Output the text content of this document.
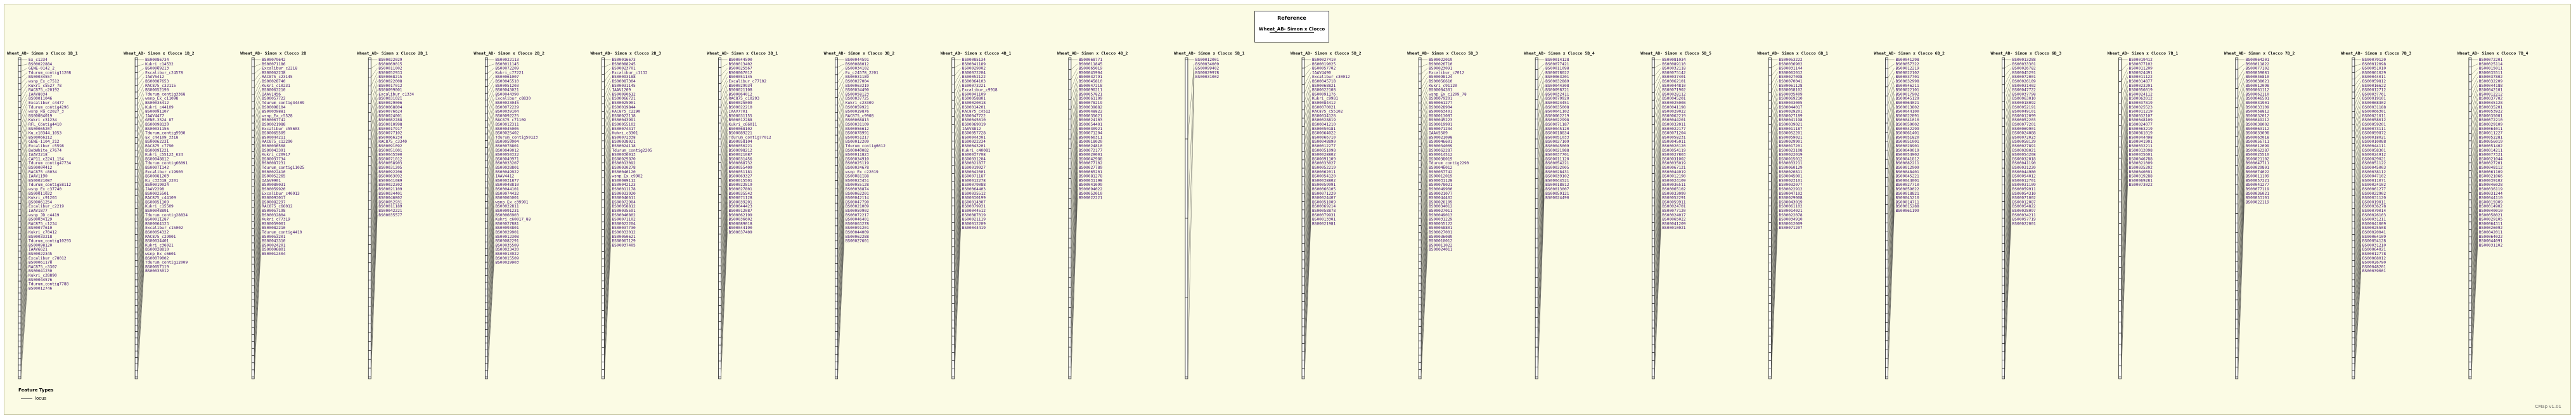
Wheat_AB- Simon x Clocco 1B_1
Ex_c1234
BS00022884
GENE-0142_2
Tdurum_contig11208
BS00034557
wsnp_Ex_c7512
Kukri_c5527_78
RAC875_c20192
IAAV8034
BS00011046
Excalibur_c4477
Tdurum_contig4296
wsnp_Ra_c2027_3
BS00084019
Kukri_c31234
RFL_Contig4410
BS00065207
Ku_c10344_1053
BS00066212
GENE-1104_212
Excalibur_c5598
BobWhite_c7674
IAAV3218
CAP11_c2241_154
Tdurum_contig47734
BS00004412
RAC875_c8034
IAAV1190
BS00021087
Tdurum_contig58112
wsnp_Ex_c37740
BS00011022
Kukri_c91203
BS00061254
Excalibur_c2219
IAAV1877
wsnp_JD_c4419
BS00034129
RAC875_c1234
BS00077610
Kukri_c70412
BS00033218
Tdurum_contig10293
BS00098120
IAAV6621
BS00022345
Excalibur_c78012
BS00061178
RAC875_c3307
BS00041230
Kukri_c28890
BS00044576
Tdurum_contig7788
BS00012746
Wheat_AB- Simon x Clocco 1B_2
BS00086734
Kukri_c14532
BS00069213
Excalibur_c24578
IAAV5412
BS00087653
RAC875_c32115
BS00052190
Tdurum_contig3368
wsnp_Ex_c11098
BS00035412
Kukri_c44109
BS00091107
IAAV4477
GENE-3324_87
BS00098120
BS00031156
Tdurum_contig9930
Ex_c44109_3318
BS00062231
RAC875_c7790
BS00091221
Kukri_c55123_624
BS00048812
Tdurum_contig66091
BS00071142
Excalibur_c19903
BS00081203
Ku_c33318_2201
BS00019024
IAAV2298
BS00025501
RAC875_c44109
BS00051109
Kukri_c15509
BS00048891
Tdurum_contig28834
BS00011287
BS00064123
Excalibur_c15002
BS00054322
RAC875_c29901
BS00034401
Kukri_c36021
BS00028810
wsnp_Ex_c6601
BS00079002
Tdurum_contig12009
BS00057119
BS00033012
Wheat_AB- Simon x Clocco 2B
BS00079642
BS00071186
Excalibur_c2218
BS00062238
RAC875_c23145
BS00028740
Kukri_c10231
BS00063210
IAAV1456
BS00057722
Tdurum_contig34409
BS00098104
BS00039881
wsnp_Ex_c5528
BS00067742
BS00021988
Excalibur_c55603
BS00065509
BS00044211
RAC875_c12290
BS00036508
BS00043391
Kukri_c20917
BS00037734
BS00087231
Tdurum_contig11025
BS00022410
BS00052265
IAAV9901
BS00080031
BS00059920
Excalibur_c40913
BS00093017
BS00082297
RAC875_c66012
BS00057198
BS00032804
Kukri_c77319
BS00059001
BS00082210
Tdurum_contig4410
BS00053201
BS00043310
BS00024201
BS00096801
BS00012404
Wheat_AB- Simon x Clocco 2B_1
BS00022029
BS00069015
BS00011002
BS00052933
BS00068215
BS00022008
BS00017012
BS00099001
Excalibur_c1334
BS00031021
BS00029006
BS00068804
BS00076624
BS00024001
BS00082288
BS00010998
BS00017917
BS00077102
BS00066234
RAC875_c3340
BS00091092
BS00051001
BS00045590
BS00071012
BS00058903
BS00031205
BS00092206
BS00063092
BS00041089
BS00022302
BS00021109
BS00034401
BS00046802
BS00052931
BS00011189
BS00042221
BS00035577
Wheat_AB- Simon x Clocco 2B_2
BS00022113
BS00011145
BS00072209
Kukri_c77221
BS00061007
BS00045510
BS00051203
BS00043021
BS00044390
Excalibur_c8830
BS00023045
BS00072229
BS00039104
BS00092225
RAC875_c71109
BS00012311
BS00045005
BS00025402
Tdurum_contig50123
BS00059904
BS00078801
BS00049012
BS00050322
BS00049971
BS00033207
BS00028801
BS00049922
IAAV4412
BS00031877
BS00048810
BS00044101
BS00074432
BS00065001
wsnp_Ex_c39901
BS00022811
BS00091231
BS00066903
Kukri_c60017_88
BS00027881
BS00093801
BS00029901
BS00012308
BS00082291
BS00035509
BS00023420
BS00013922
BS00015509
BS00029903
Wheat_AB- Simon x Clocco 2B_3
BS00016673
BS00088245
BS00023701
Excalibur_c1133
BS00093188
BS00087304
BS00031145
IAAV1209
BS00090612
BS00066721
BS00025901
BS00019844
RAC875_c2290
BS00022118
BS00043991
BS00055102
BS00074417
Kukri_c3301
BS00072338
BS00038021
BS00024118
Tdurum_contig2205
BS00036013
BS00029870
BS00013092
BS00030278
BS00046120
wsnp_Ex_c9902
BS00089112
BS00042123
BS00011178
BS00033920
BS00046611
BS00072904
BS00058812
BS00035591
BS00040802
BS00071102
BS00022204
BS00037730
BS00033012
BS00050621
BS00067129
BS00037405
Wheat_AB- Simon x Clocco 3B_1
BS00044590
BS00013402
BS00025567
BS00067012
BS00051145
Excalibur_c77102
BS00029934
BS00021108
BS00064012
RAC875_c10293
BS00025009
BS00022210
IAAV7701
BS00031155
BS00012288
Kukri_c66011
BS00068102
BS00089221
Tdurum_contig77012
BS00058104
BS00050221
BS00098212
BS00021087
BS00031456
BS00068732
BS00055409
BS00051181
BS00063327
BS00015501
BS00022819
BS00027801
BS00035542
BS00071128
BS00039201
BS00044423
BS00012087
BS00062199
BS00036602
BS00089018
BS00044190
BS00037409
Wheat_AB- Simon x Clocco 3B_2
BS00044591
BS00088012
BS00034102
Ex_c24578_2201
BS00031189
BS00027004
BS00063219
BS00034490
BS00058123
BS00037725
Kukri_c23309
BS00059921
BS00029876
RAC875_c9908
BS00068813
BS00031109
BS00056612
BS00078991
BS00051217
BS00012209
Tdurum_contig6612
BS00040082
BS00011823
BS00034910
BS00025119
BS00024678
wsnp_Ex_c22019
BS00081188
BS00023451
BS00055128
BS00038874
BS00062201
BS00042114
BS00047790
BS00021009
BS00059902
BS00072217
BS00046401
BS00063278
BS00091201
BS00044009
BS00062288
BS00027601
Wheat_AB- Simon x Clocco 4B_1
BS00085134
BS00041189
BS00029002
BS00072204
BS00052122
BS00064103
BS00073221
Excalibur_c9918
BS00041109
BS00058801
BS00020018
BS00014201
RAC875_c4512
BS00047722
BS00045610
BS00069019
IAAV8812
BS00057728
BS00044301
BS00022234
BS00043201
Kukri_c40081
BS00037708
BS00031204
BS00021877
BS00019927
BS00042001
BS00071187
BS00012278
BS00079088
BS00064403
BS00035512
BS00030199
BS00014307
BS00079931
BS00044512
BS00087019
BS00021119
BS00012209
BS00044419
Wheat_AB- Simon x Clocco 4B_2
BS00068771
BS00011845
BS00065019
BS00045904
BS00032791
BS00045810
BS00047218
BS00090211
BS00057821
BS00061109
BS00078219
BS00039882
BS00048822
BS00035621
BS00024103
BS00054401
BS00030921
BS00071204
BS00066311
BS00018020
BS00024810
BS00072177
BS00029001
BS00042988
BS00077102
BS00027789
BS00065201
BS00081278
BS00031198
BS00041099
BS00094022
BS00052010
BS00022221
Wheat_AB- Simon x Clocco 5B_1
BS00012001
BS00034009
BS00099402
BS00029978
BS00031002
Wheat_AB- Simon x Clocco 5B_2
BS00027410
BS00019025
BS00057702
IAAV4490
Excalibur_c30012
BS00045718
BS00068821
BS00022108
BS00091176
Kukri_c9981
BS00084412
BS00070021
RAC875_c55102
BS00034128
BS00028819
BS00041210
BS00050181
BS00064022
BS00066710
BS00048890
BS00012277
BS00051098
BS00028802
BS00091109
BS00033027
BS00052219
BS00062011
BS00054120
BS00038802
BS00059991
BS00066105
BS00071229
BS00024407
BS00051009
BS00069214
BS00058878
BS00079931
BS00013301
BS00021981
Wheat_AB- Simon x Clocco 5B_3
BS00022019
BS00026710
BS00023091
Excalibur_c7012
BS00098124
BS00056610
Kukri_c91120
BS00084301
wsnp_Ex_c1209_78
BS00079201
BS00061277
BS00028904
BS00063401
BS00013087
BS00045223
BS00019991
BS00071234
IAAV5509
BS00021098
BS00046601
BS00034009
BS00062287
BS00014512
BS00038019
Tdurum_contig2290
BS00046012
BS00057742
BS00012019
BS00031128
BS00078021
BS00049900
BS00021077
BS00044403
BS00026109
BS00034012
BS00027011
BS00049013
BS00031229
BS00055122
BS00058801
BS00027001
BS00036089
BS00010012
BS00011022
BS00024011
Wheat_AB- Simon x Clocco 5B_4
BS00014128
BS00077421
BS00011098
BS00078022
BS00063201
BS00032889
BS00044308
BS00098721
BS00032411
BS00079920
BS00024451
BS00035008
BS00041102
BS00062219
BS00022998
BS00071187
BS00045120
BS00018834
BS00051033
BS00027109
BS00045009
BS00021988
BS00037701
BS00011120
BS00054221
BS00032005
BS00028431
BS00039102
BS00044521
BS00018812
BS00013007
BS00059121
BS00024490
Wheat_AB- Simon x Clocco 5B_5
BS00081034
BS00089110
BS00032118
BS00075142
BS00037401
BS00062101
BS00044810
BS00071902
BS00028112
BS00045201
BS00025008
BS00041198
BS00029022
BS00062219
BS00044201
BS00032011
BS00022177
BS00071204
BS00058231
BS00045011
BS00026120
BS00054119
BS00027803
BS00031002
BS00035019
BS00067121
BS00044019
BS00012190
BS00024109
BS00036511
BS00065102
BS00033099
BS00052291
BS00059911
BS00024701
BS00077120
BS00024017
BS00065022
BS00041209
BS00010021
Wheat_AB- Simon x Clocco 6B_1
BS00053222
BS00036902
BS00031144
BS00063012
BS00027098
BS00070041
BS00061128
BS00058102
BS00035409
BS00069210
BS00033005
BS00044017
BS00029201
BS00027189
BS00041198
BS00039021
BS00011187
BS00052201
BS00059021
BS00029901
BS00017201
BS00023108
BS00022019
BS00015012
BS00033211
BS00060129
BS00020811
BS00045001
BS00023101
BS00032077
BS00022912
BS00047102
BS00029008
BS00043019
BS00061102
BS00014021
BS00022078
BS00034910
BS00012009
BS00071207
Wheat_AB- Simon x Clocco 6B_2
BS00041298
BS00057322
BS00012219
BS00022102
BS00037701
BS00032998
BS00046211
BS00022101
BS00017902
BS00045129
BS00064021
BS00013802
BS00044100
BS00022891
BS00041010
BS00059002
BS00042299
BS00061401
BS00051820
BS00051001
BS00028901
BS00040019
BS00054902
BS00041812
BS00082211
BS00012909
BS00048401
BS00045221
BS00044001
BS00027710
BS00059022
BS00018821
BS00045210
BS00014711
BS00015288
BS00061199
Wheat_AB- Simon x Clocco 6B_3
BS00013288
BS00033301
BS00026782
BS00045291
BS00072001
BS00026189
BS00031402
BS00047722
BS00037798
BS00063010
BS00018092
BS00052191
BS00049101
BS00012099
BS00052203
BS00077201
BS00069901
BS00024088
BS00072023
BS00058129
BS00027891
BS00028021
BS00054208
BS00032018
BS00041190
BS00031220
BS00044980
BS00054012
BS00012701
BS00031109
BS00059911
BS00054310
BS00071002
BS00012087
BS00054822
BS00028097
BS00034211
BS00057719
BS00022001
Wheat_AB- Simon x Clocco 7B_1
BS00019412
BS00077102
BS00011209
BS00024491
BS00011122
BS00014877
BS00023201
BS00056019
BS00024112
BS00062012
BS00037819
BS00025523
BS00011219
BS00032107
BS00048109
BS00024077
BS00063219
BS00061019
BS00044498
BS00041901
BS00032211
BS00012098
BS00035601
BS00046788
BS00021009
BS00035202
BS00040091
BS00019288
BS00069281
BS00073022
Wheat_AB- Simon x Clocco 7B_2
BS00064201
BS00011822
BS00077102
BS00059081
BS00046810
BS00038021
BS00012098
BS00061112
BS00062110
BS00046501
BS00031901
BS00033109
BS00058812
BS00032012
BS00049212
BS00038002
BS00063112
BS00033098
BS00063018
BS00056711
BS00012099
BS00062287
BS00025510
BS00021102
BS00047711
BS00029801
BS00074022
BS00011109
BS00057221
BS00041277
BS00077119
BS00036021
BS00053101
BS00022119
Wheat_AB- Simon x Clocco 7B_3
BS00079120
BS00012098
BS00051010
BS00061029
BS00044011
BS00059812
BS00016622
BS00012712
BS00037761
BS00019101
BS00068302
BS00031188
BS00066301
BS00021011
BS00058012
BS00059201
BS00073111
BS00059872
BS00018021
BS00010088
BS00044111
BS00058301
BS00024912
BS00029021
BS00051122
BS00045003
BS00038112
BS00047102
BS00011071
BS00024102
BS00061277
BS00022902
BS00031120
BS00019011
BS00036278
BS00079014
BS00026103
BS00031211
BS00041009
BS00025508
BS00020041
BS00064109
BS00054128
BS00031210
BS00064021
BS00012778
BS00068012
BS00026790
BS00048201
BS00039001
Wheat_AB- Simon x Clocco 7B_4
BS00072201
BS00025114
BS00015011
BS00035511
BS00037802
BS00032209
BS00044188
BS00042101
BS00012212
BS00037702
BS00045128
BS00035201
BS00053922
BS00035001
BS00072210
BS00029109
BS00064011
BS00011227
BS00052281
BS00056019
BS00051402
BS00014211
BS00077321
BS00021044
BS00027201
BS00048112
BS00061109
BS00021066
BS00039102
BS00046028
BS00036119
BS00031244
BS00044110
BS00015909
BS00014902
BS00040010
BS00058021
BS00029105
BS00064311
BS00026092
BS00042011
BS00064022
BS00044091
BS00031102
Reference
Wheat_AB- Simon x Clocco
Feature Types
locus
CMap v1.01
